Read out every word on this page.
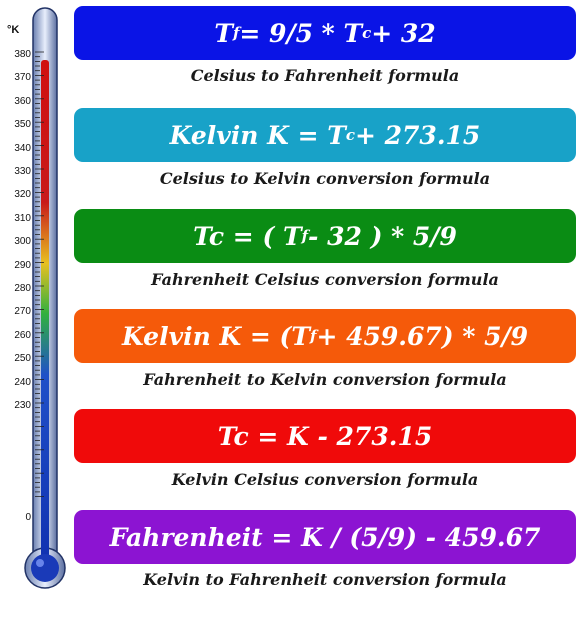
°K
380
370
360
350
340
330
320
310
300
290
280
270
260
250
240
230
0
T f = 9/5 * T c + 32
Celsius to Fahrenheit formula
Kelvin K = T c + 273.15
Celsius to Kelvin conversion formula
Tc = ( T f - 32 ) * 5/9
Fahrenheit Celsius conversion formula
Kelvin K = (T f + 459.67) * 5/9
Fahrenheit to Kelvin conversion formula
Tc = K - 273.15
Kelvin Celsius conversion formula
Fahrenheit = K / (5/9) - 459.67
Kelvin to Fahrenheit conversion formula
